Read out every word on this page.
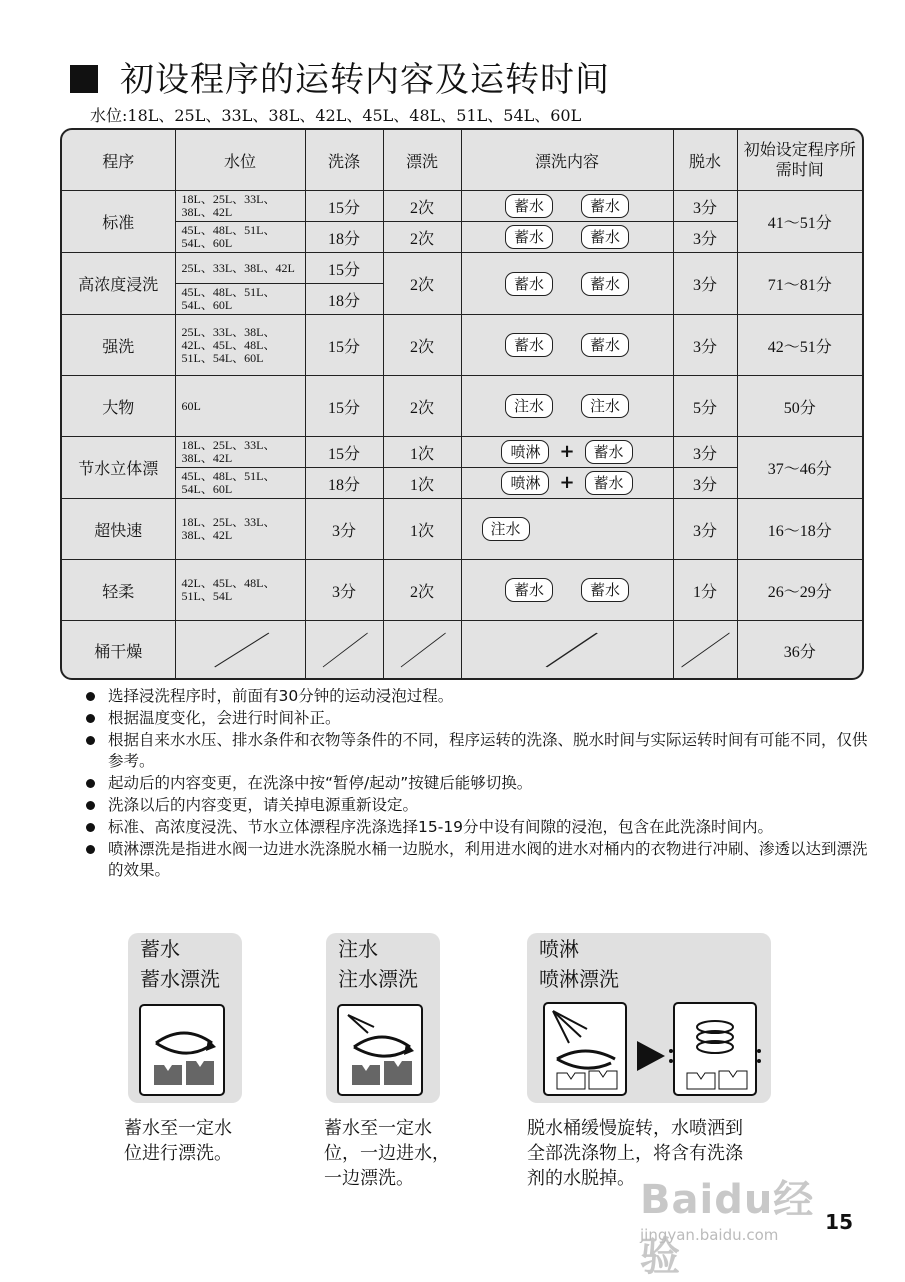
初设程序的运转内容及运转时间
水位:18L、25L、33L、38L、42L、45L、48L、51L、54L、60L
程序	水位	洗涤	漂洗	漂洗内容	脱水	初始设定程序所需时间
标准	18L、25L、33L、38L、42L	15分	2次	蓄水 蓄水	3分	41～51分
	45L、48L、51L、54L、60L	18分	2次	蓄水 蓄水	3分	
高浓度浸洗	25L、33L、38L、42L	15分	2次	蓄水 蓄水	3分	71～81分
	45L、48L、51L、54L、60L	18分				
强洗	25L、33L、38L、42L、45L、48L、51L、54L、60L	15分	2次	蓄水 蓄水	3分	42～51分
大物	60L	15分	2次	注水 注水	5分	50分
节水立体漂	18L、25L、33L、38L、42L	15分	1次	喷淋 + 蓄水	3分	37～46分
	45L、48L、51L、54L、60L	18分	1次	喷淋 + 蓄水	3分	
超快速	18L、25L、33L、38L、42L	3分	1次	注水	3分	16～18分
轻柔	42L、45L、48L、51L、54L	3分	2次	蓄水 蓄水	1分	26～29分
桶干燥						36分
选择浸洗程序时，前面有30分钟的运动浸泡过程。
根据温度变化，会进行时间补正。
根据自来水水压、排水条件和衣物等条件的不同，程序运转的洗涤、脱水时间与实际运转时间有可能不同，仅供参考。
起动后的内容变更，在洗涤中按“暂停/起动”按键后能够切换。
洗涤以后的内容变更，请关掉电源重新设定。
标准、高浓度浸洗、节水立体漂程序洗涤选择15-19分中设有间隙的浸泡，包含在此洗涤时间内。
喷淋漂洗是指进水阀一边进水洗涤脱水桶一边脱水，利用进水阀的进水对桶内的衣物进行冲刷、渗透以达到漂洗的效果。
蓄水
蓄水漂洗
蓄水至一定水
位进行漂洗。
注水
注水漂洗
蓄水至一定水
位，一边进水，
一边漂洗。
喷淋
喷淋漂洗
脱水桶缓慢旋转，水喷洒到
全部洗涤物上，将含有洗涤
剂的水脱掉。 Baidu经验
jingyan.baidu.com
15
